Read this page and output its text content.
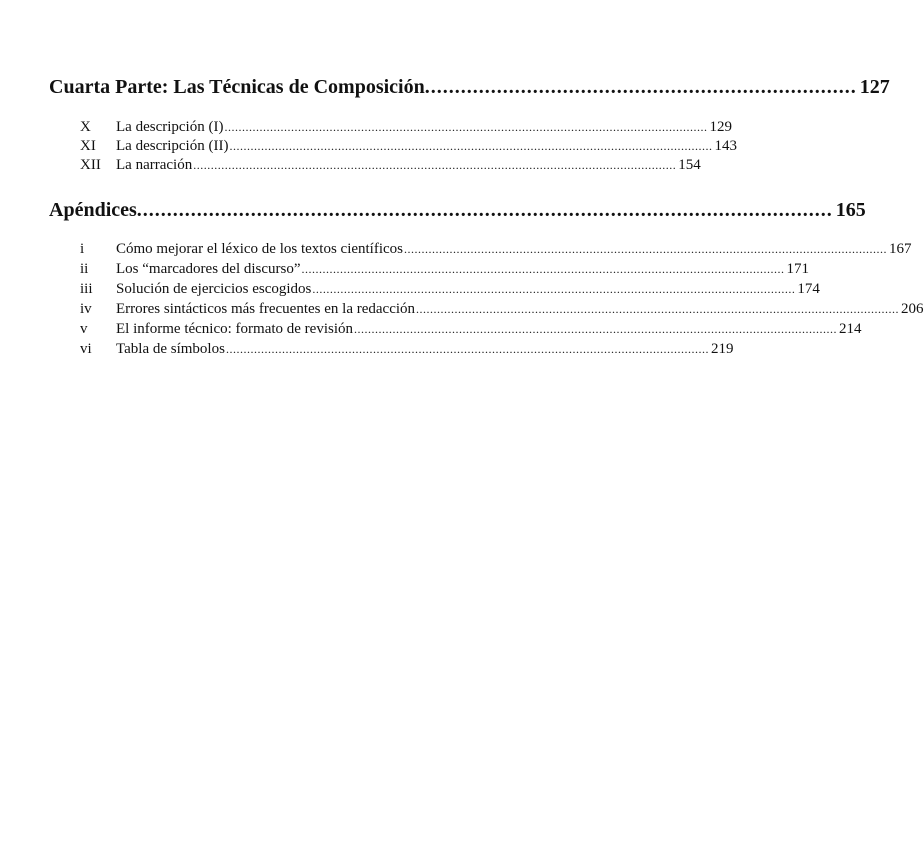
Cuarta Parte: Las Técnicas de Composición ........................................................................ 127
X	La descripción (I) .......................................................................................................................................... 129
XI	La descripción (II) .......................................................................................................................................... 143
XII	La narración .......................................................................................................................................... 154
Apéndices .................................................................................................................... 165
i	Cómo mejorar el léxico de los textos científicos .......................................................................................................................................... 167
ii	Los “marcadores del discurso” .......................................................................................................................................... 171
iii	Solución de ejercicios escogidos .......................................................................................................................................... 174
iv	Errores sintácticos más frecuentes en la redacción .......................................................................................................................................... 206
v	El informe técnico: formato de revisión .......................................................................................................................................... 214
vi	Tabla de símbolos .......................................................................................................................................... 219
